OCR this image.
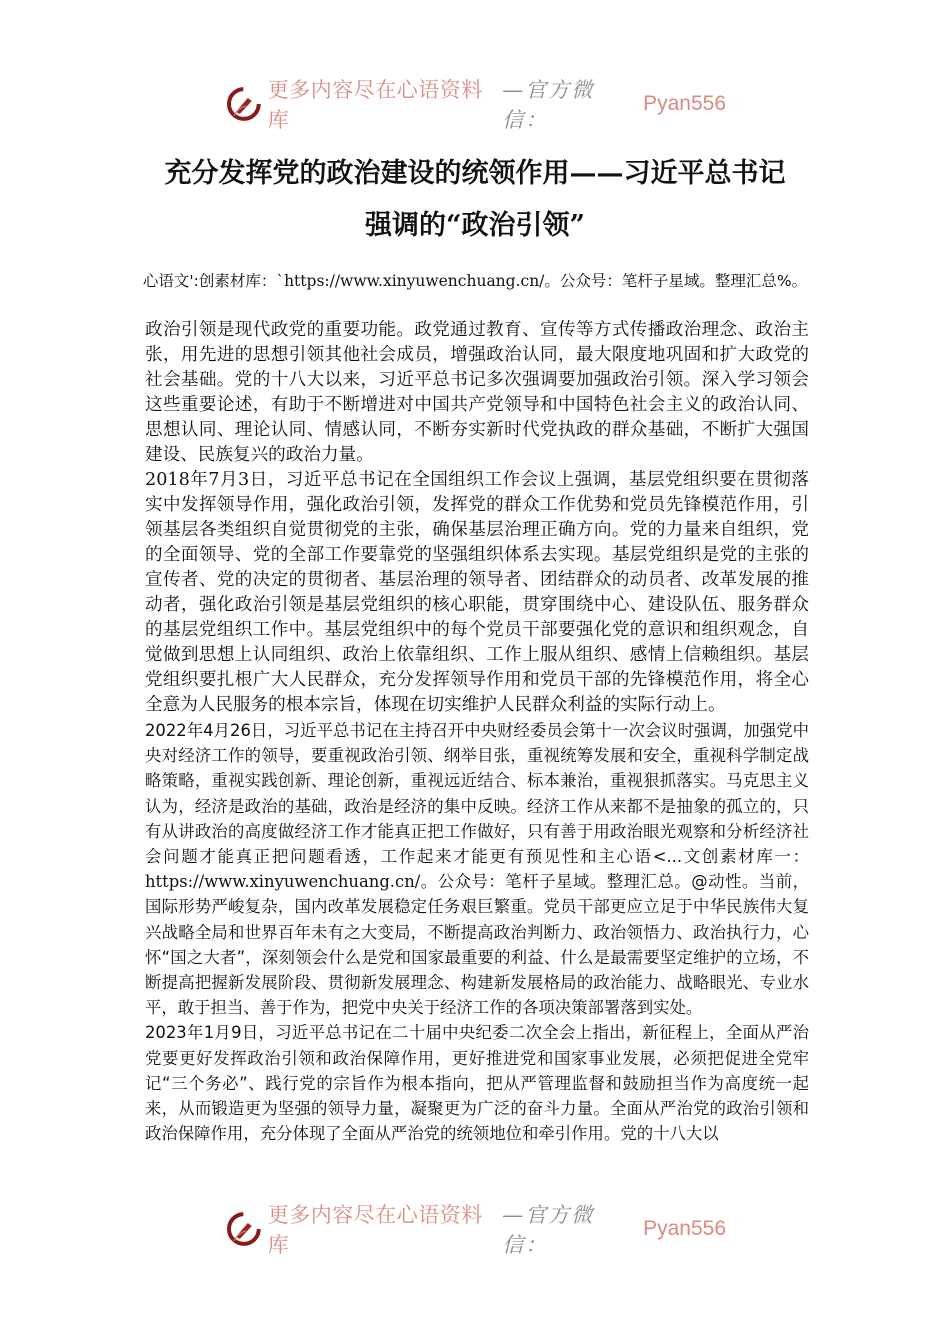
更多内容尽在心语资料库
—官方微信：
Pyan556
充分发挥党的政治建设的统领作用——习近平总书记
强调的“政治引领”
心语文':创素材库：`https://www.xinyuwenchuang.cn/。公众号：笔杆子星域。整理汇总%。

政治引领是现代政党的重要功能。政党通过教育、宣传等方式传播政治理念、政治主张，用先进的思想引领其他社会成员，增强政治认同，最大限度地巩固和扩大政党的社会基础。党的十八大以来，习近平总书记多次强调要加强政治引领。深入学习领会这些重要论述，有助于不断增进对中国共产党领导和中国特色社会主义的政治认同、思想认同、理论认同、情感认同，不断夯实新时代党执政的群众基础，不断扩大强国建设、民族复兴的政治力量。

2018年7月3日，习近平总书记在全国组织工作会议上强调，基层党组织要在贯彻落实中发挥领导作用，强化政治引领，发挥党的群众工作优势和党员先锋模范作用，引领基层各类组织自觉贯彻党的主张，确保基层治理正确方向。党的力量来自组织，党的全面领导、党的全部工作要靠党的坚强组织体系去实现。基层党组织是党的主张的宣传者、党的决定的贯彻者、基层治理的领导者、团结群众的动员者、改革发展的推动者，强化政治引领是基层党组织的核心职能，贯穿围绕中心、建设队伍、服务群众的基层党组织工作中。基层党组织中的每个党员干部要强化党的意识和组织观念，自觉做到思想上认同组织、政治上依靠组织、工作上服从组织、感情上信赖组织。基层党组织要扎根广大人民群众，充分发挥领导作用和党员干部的先锋模范作用，将全心全意为人民服务的根本宗旨，体现在切实维护人民群众利益的实际行动上。

2022年4月26日，习近平总书记在主持召开中央财经委员会第十一次会议时强调，加强党中央对经济工作的领导，要重视政治引领、纲举目张，重视统筹发展和安全，重视科学制定战略策略，重视实践创新、理论创新，重视远近结合、标本兼治，重视狠抓落实。马克思主义认为，经济是政治的基础，政治是经济的集中反映。经济工作从来都不是抽象的孤立的，只有从讲政治的高度做经济工作才能真正把工作做好，只有善于用政治眼光观察和分析经济社会问题才能真正把问题看透，工作起来才能更有预见性和主心语<...文创素材库一：https://www.xinyuwenchuang.cn/。公众号：笔杆子星域。整理汇总。@动性。当前，国际形势严峻复杂，国内改革发展稳定任务艰巨繁重。党员干部更应立足于中华民族伟大复兴战略全局和世界百年未有之大变局，不断提高政治判断力、政治领悟力、政治执行力，心怀“国之大者”，深刻领会什么是党和国家最重要的利益、什么是最需要坚定维护的立场，不断提高把握新发展阶段、贯彻新发展理念、构建新发展格局的政治能力、战略眼光、专业水平，敢于担当、善于作为，把党中央关于经济工作的各项决策部署落到实处。

2023年1月9日，习近平总书记在二十届中央纪委二次全会上指出，新征程上，全面从严治党要更好发挥政治引领和政治保障作用，更好推进党和国家事业发展，必须把促进全党牢记“三个务必”、践行党的宗旨作为根本指向，把从严管理监督和鼓励担当作为高度统一起来，从而锻造更为坚强的领导力量，凝聚更为广泛的奋斗力量。全面从严治党的政治引领和政治保障作用，充分体现了全面从严治党的统领地位和牵引作用。党的十八大以

更多内容尽在心语资料库
—官方微信：
Pyan556
